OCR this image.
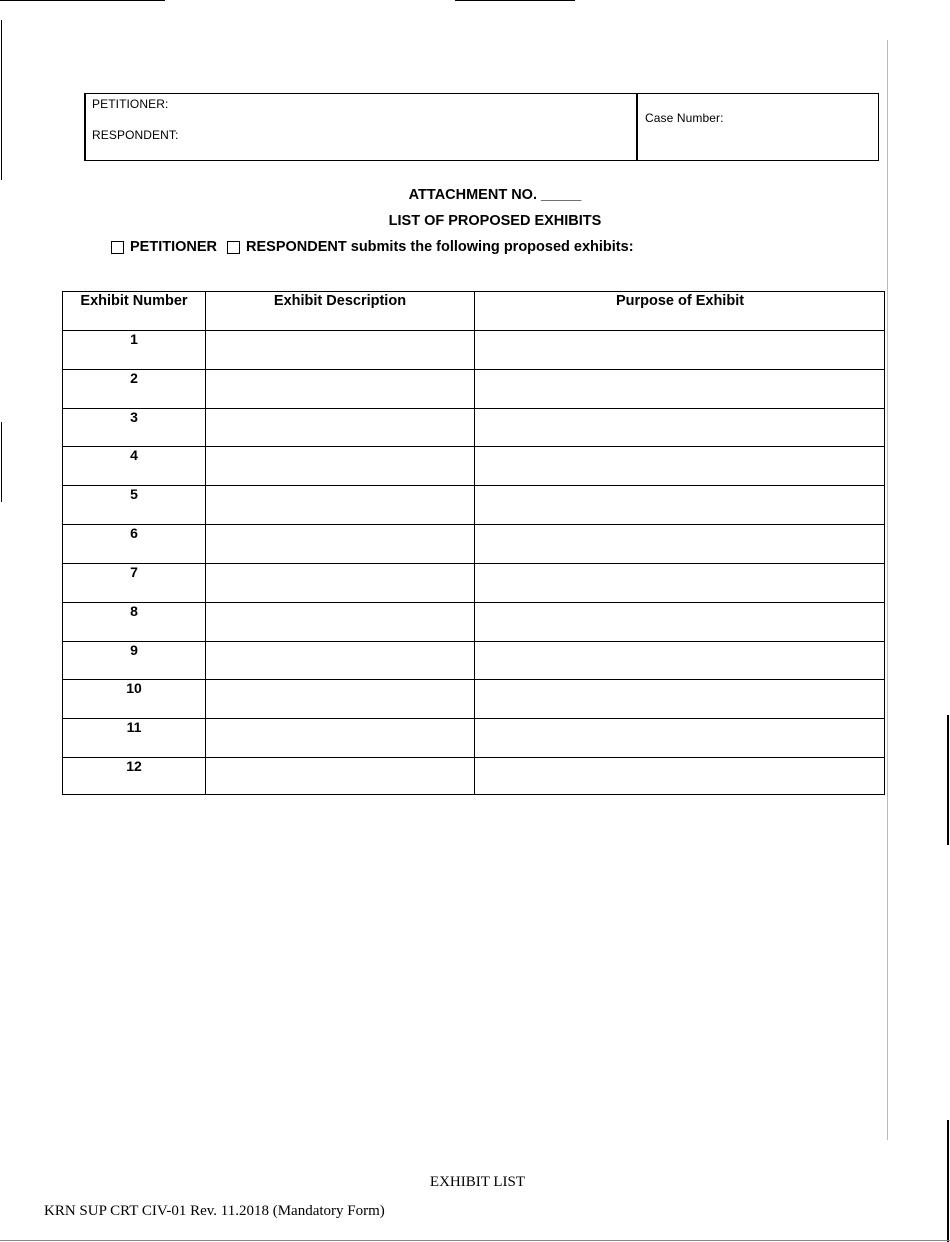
PETITIONER:
RESPONDENT:
Case Number:
ATTACHMENT NO. _____
LIST OF PROPOSED EXHIBITS
PETITIONER RESPONDENT
submits the following proposed exhibits:
Exhibit Number	Exhibit Description	Purpose of Exhibit
1
2
3
4
5
6
7
8
9
10
11
12
EXHIBIT LIST
KRN SUP CRT CIV-01 Rev. 11.2018 (Mandatory Form)
